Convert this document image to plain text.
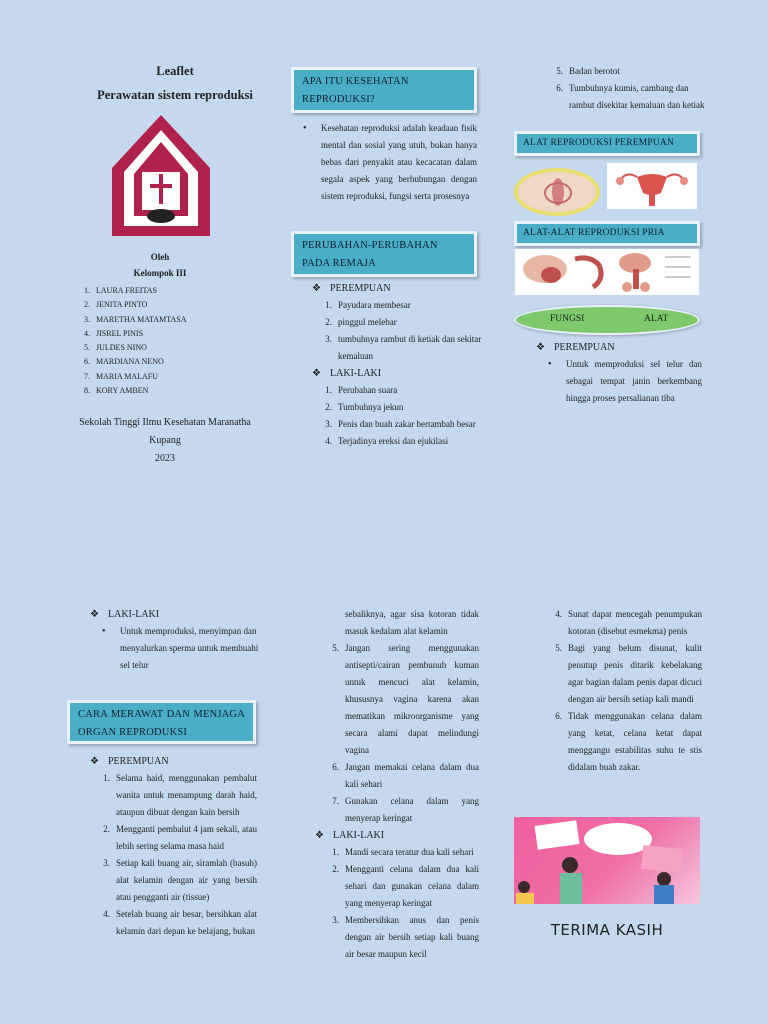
Leaflet
Perawatan sistem reproduksi
Oleh
Kelompok III
1. LAURA FREITAS
2. JENITA PINTO
3. MARETHA MATAMTASA
4. JISREL PINIS
5. JULDES NINO
6. MARDIANA NENO
7. MARIA MALAFU
8. KORY AMBEN
Sekolah Tinggi Ilmu Kesehatan Maranatha
Kupang
2023
APA ITU KESEHATAN REPRODUKSI?
• Kesehatan reproduksi adalah keadaan fisik mental dan sosial yang utuh, bukan hanya bebas dari penyakit atau kecacatan dalam segala aspek yang berhubungan dengan sistem reproduksi, fungsi serta prosesnya
PERUBAHAN-PERUBAHAN PADA REMAJA
❖ PEREMPUAN
1. Payudara membesar
2. pinggul melebar
3. tumbuhnya rambut di ketiak dan sekitar kemaluan
❖ LAKI-LAKI
1. Perubahan suara
2. Tumbuhnya jekun
3. Penis dan buah zakar bertambah besar
4. Terjadinya ereksi dan ejukilasi
5. Badan berotot
6. Tumbuhnya kumis, cambang dan rambut disekitar kemaluan dan ketiak
ALAT REPRODUKSI PEREMPUAN
ALAT-ALAT REPRODUKSI PRIA
FUNGSI	ALAT
❖ PEREMPUAN
• Untuk memproduksi sel telur dan sebagai tempat janin berkembang hingga proses persalianan tiba
❖ LAKI-LAKI
• Untuk memproduksi, menyimpan dan menyalurkan sperma untuk membuahi sel telur
CARA MERAWAT DAN MENJAGA ORGAN REPRODUKSI
❖ PEREMPUAN
1. Selama haid, menggunakan pembalut wanita untuk menampung darah haid, ataupun dibuat dengan kain bersih
2. Mengganti pembalut 4 jam sekali, atau lebih sering selama masa haid
3. Setiap kali buang air, siramlah (basuh) alat kelamin dengan air yang bersih atau pengganti air (tissue)
4. Setelah buang air besar, bersihkan alat kelamin dari depan ke belajang, bukan
sebaliknya, agar sisa kotoran tidak masuk kedalam alat kelamin
5. Jangan sering menggunakan antisepti/cairan pembunuh kuman untuk mencuci alat kelamin, khususnya vagina karena akan mematikan mikroorganisme yang secara alami dapat melindungi vagina
6. Jangan memakai celana dalam dua kali sehari
7. Gunakan celana dalam yang menyerap keringat
❖ LAKI-LAKI
1. Mandi secara teratur dua kali sehari
2. Mengganti celana dalam dua kali sehari dan gunakan celana dalam yang menyerap keringat
3. Membersihkan anus dan penis dengan air bersih setiap kali buang air besar maupun kecil
4. Sunat dapat mencegah penumpukan kotoran (disebut esmekma) penis
5. Bagi yang belum disunat, kulit penutup penis ditarik kebelakang agar bagian dalam penis dapat dicuci dengan air bersih setiap kali mandi
6. Tidak menggunakan celana dalam yang ketat, celana ketat dapat menggangu estabilitas suhu te stis didalam buah zakar.
TERIMA KASIH
